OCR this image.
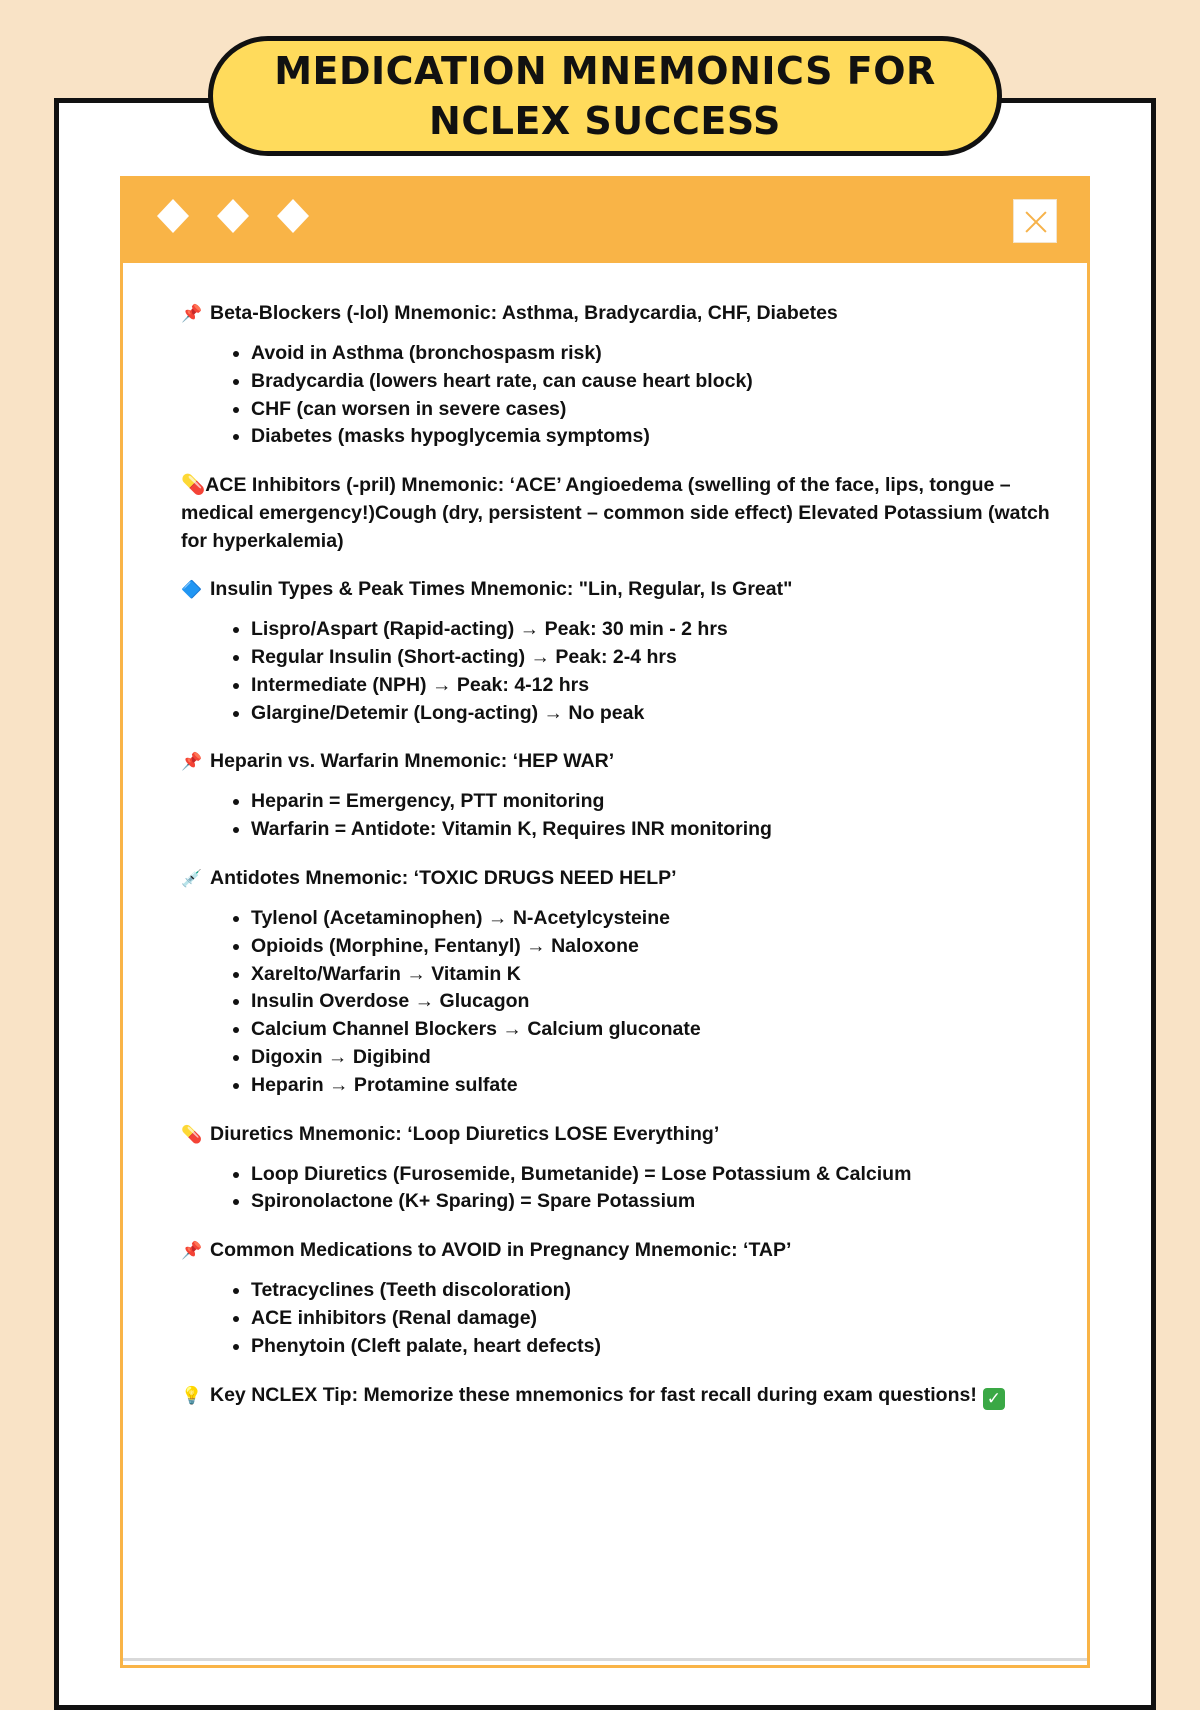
MEDICATION MNEMONICS FOR
NCLEX SUCCESS

📌 Beta-Blockers (-lol) Mnemonic: Asthma, Bradycardia, CHF, Diabetes

• Avoid in Asthma (bronchospasm risk)
• Bradycardia (lowers heart rate, can cause heart block)
• CHF (can worsen in severe cases)
• Diabetes (masks hypoglycemia symptoms)

💊ACE Inhibitors (-pril) Mnemonic: ‘ACE’ Angioedema (swelling of the face, lips, tongue – medical emergency!)Cough (dry, persistent – common side effect) Elevated Potassium (watch for hyperkalemia)

🔷 Insulin Types & Peak Times Mnemonic: "Lin, Regular, Is Great"

• Lispro/Aspart (Rapid-acting) → Peak: 30 min - 2 hrs
• Regular Insulin (Short-acting) → Peak: 2-4 hrs
• Intermediate (NPH) → Peak: 4-12 hrs
• Glargine/Detemir (Long-acting) → No peak

📌 Heparin vs. Warfarin Mnemonic: ‘HEP WAR’

• Heparin = Emergency, PTT monitoring
• Warfarin = Antidote: Vitamin K, Requires INR monitoring

💉 Antidotes Mnemonic: ‘TOXIC DRUGS NEED HELP’

• Tylenol (Acetaminophen) → N-Acetylcysteine
• Opioids (Morphine, Fentanyl) → Naloxone
• Xarelto/Warfarin → Vitamin K
• Insulin Overdose → Glucagon
• Calcium Channel Blockers → Calcium gluconate
• Digoxin → Digibind
• Heparin → Protamine sulfate

💊 Diuretics Mnemonic: ‘Loop Diuretics LOSE Everything’

• Loop Diuretics (Furosemide, Bumetanide) = Lose Potassium & Calcium
• Spironolactone (K+ Sparing) = Spare Potassium

📌 Common Medications to AVOID in Pregnancy Mnemonic: ‘TAP’

• Tetracyclines (Teeth discoloration)
• ACE inhibitors (Renal damage)
• Phenytoin (Cleft palate, heart defects)

💡 Key NCLEX Tip: Memorize these mnemonics for fast recall during exam questions! ✓
